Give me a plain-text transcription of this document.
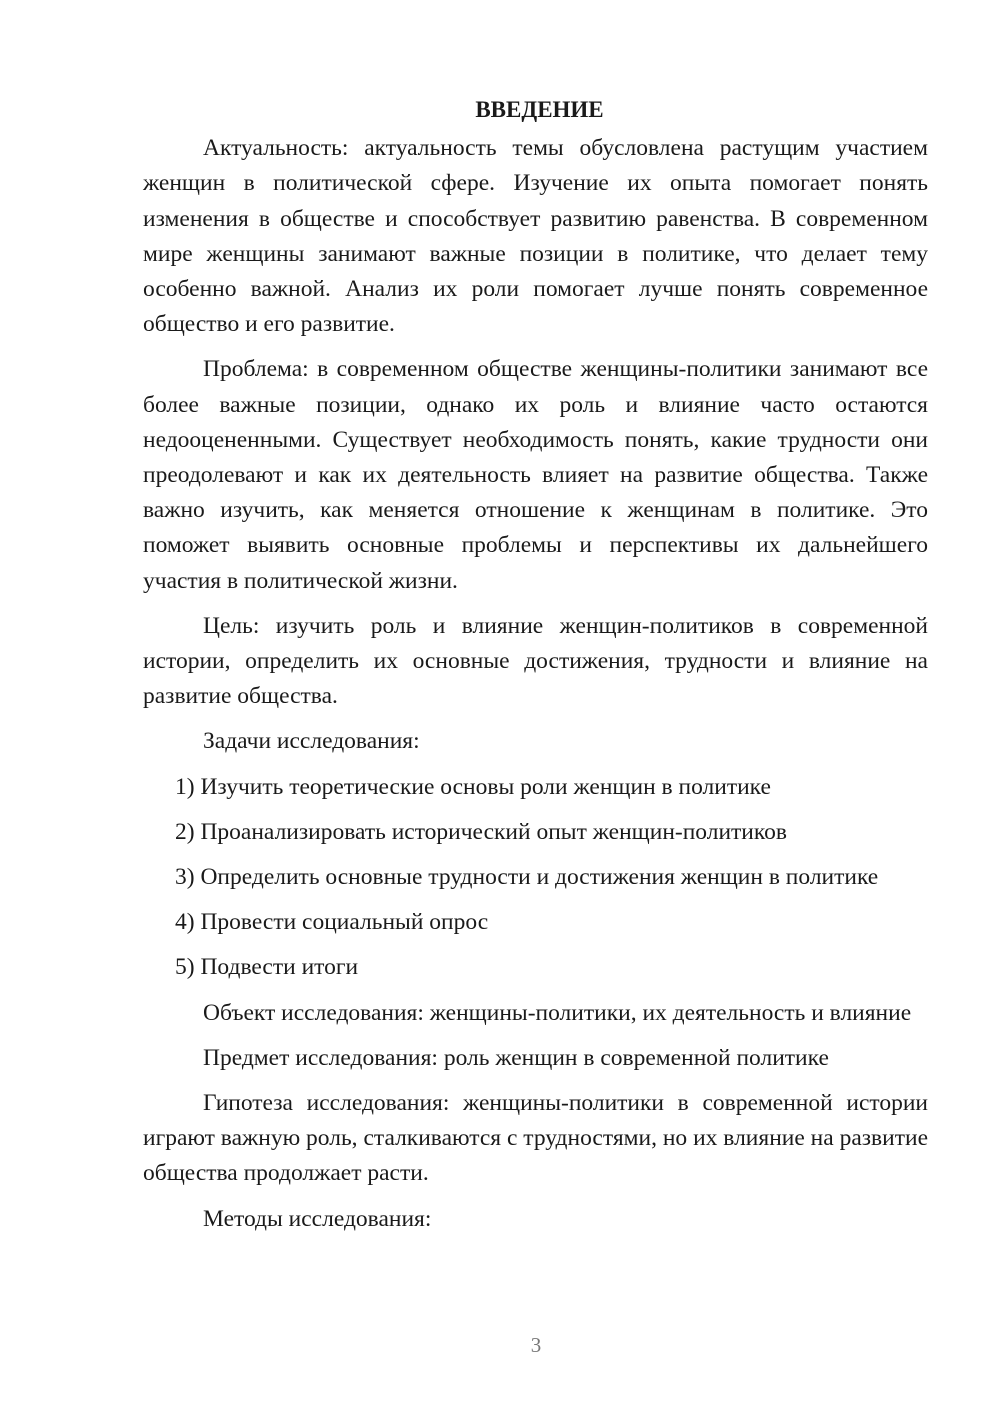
ВВЕДЕНИЕ

Актуальность: актуальность темы обусловлена растущим участием женщин в политической сфере. Изучение их опыта помогает понять изменения в обществе и способствует развитию равенства. В современном мире женщины занимают важные позиции в политике, что делает тему особенно важной. Анализ их роли помогает лучше понять современное общество и его развитие.

Проблема: в современном обществе женщины-политики занимают все более важные позиции, однако их роль и влияние часто остаются недооцененными. Существует необходимость понять, какие трудности они преодолевают и как их деятельность влияет на развитие общества. Также важно изучить, как меняется отношение к женщинам в политике. Это поможет выявить основные проблемы и перспективы их дальнейшего участия в политической жизни.

Цель: изучить роль и влияние женщин-политиков в современной истории, определить их основные достижения, трудности и влияние на развитие общества.

Задачи исследования:

1) Изучить теоретические основы роли женщин в политике
2) Проанализировать исторический опыт женщин-политиков
3) Определить основные трудности и достижения женщин в политике
4) Провести социальный опрос
5) Подвести итоги

Объект исследования: женщины-политики, их деятельность и влияние

Предмет исследования: роль женщин в современной политике

Гипотеза исследования: женщины-политики в современной истории играют важную роль, сталкиваются с трудностями, но их влияние на развитие общества продолжает расти.

Методы исследования:

3
